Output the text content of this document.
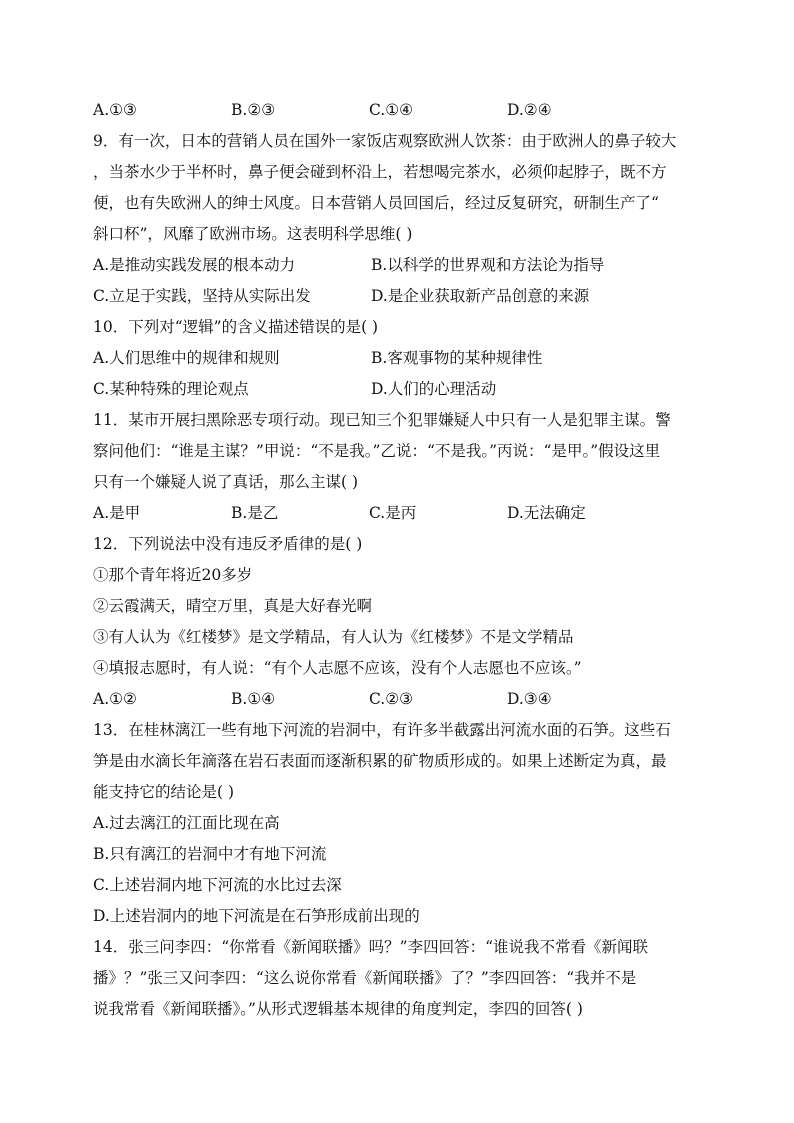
A.①③	B.②③	C.①④	D.②④
9．有一次，日本的营销人员在国外一家饭店观察欧洲人饮茶：由于欧洲人的鼻子较大
，当茶水少于半杯时，鼻子便会碰到杯沿上，若想喝完茶水，必须仰起脖子，既不方
便，也有失欧洲人的绅士风度。日本营销人员回国后，经过反复研究，研制生产了“
斜口杯”，风靡了欧洲市场。这表明科学思维( )
A.是推动实践发展的根本动力	B.以科学的世界观和方法论为指导
C.立足于实践，坚持从实际出发	D.是企业获取新产品创意的来源
10．下列对“逻辑”的含义描述错误的是( )
A.人们思维中的规律和规则	B.客观事物的某种规律性
C.某种特殊的理论观点	D.人们的心理活动
11．某市开展扫黑除恶专项行动。现已知三个犯罪嫌疑人中只有一人是犯罪主谋。警
察问他们：“谁是主谋？”甲说：“不是我。”乙说：“不是我。”丙说：“是甲。”假设这里
只有一个嫌疑人说了真话，那么主谋( )
A.是甲	B.是乙	C.是丙	D.无法确定
12．下列说法中没有违反矛盾律的是( )
①那个青年将近20多岁
②云霞满天，晴空万里，真是大好春光啊
③有人认为《红楼梦》是文学精品，有人认为《红楼梦》不是文学精品
④填报志愿时，有人说：“有个人志愿不应该，没有个人志愿也不应该。”
A.①②	B.①④	C.②③	D.③④
13．在桂林漓江一些有地下河流的岩洞中，有许多半截露出河流水面的石笋。这些石
笋是由水滴长年滴落在岩石表面而逐渐积累的矿物质形成的。如果上述断定为真，最
能支持它的结论是( )
A.过去漓江的江面比现在高
B.只有漓江的岩洞中才有地下河流
C.上述岩洞内地下河流的水比过去深
D.上述岩洞内的地下河流是在石笋形成前出现的
14．张三问李四：“你常看《新闻联播》吗？”李四回答：“谁说我不常看《新闻联
播》？”张三又问李四：“这么说你常看《新闻联播》了？”李四回答：“我并不是
说我常看《新闻联播》。”从形式逻辑基本规律的角度判定，李四的回答( )
